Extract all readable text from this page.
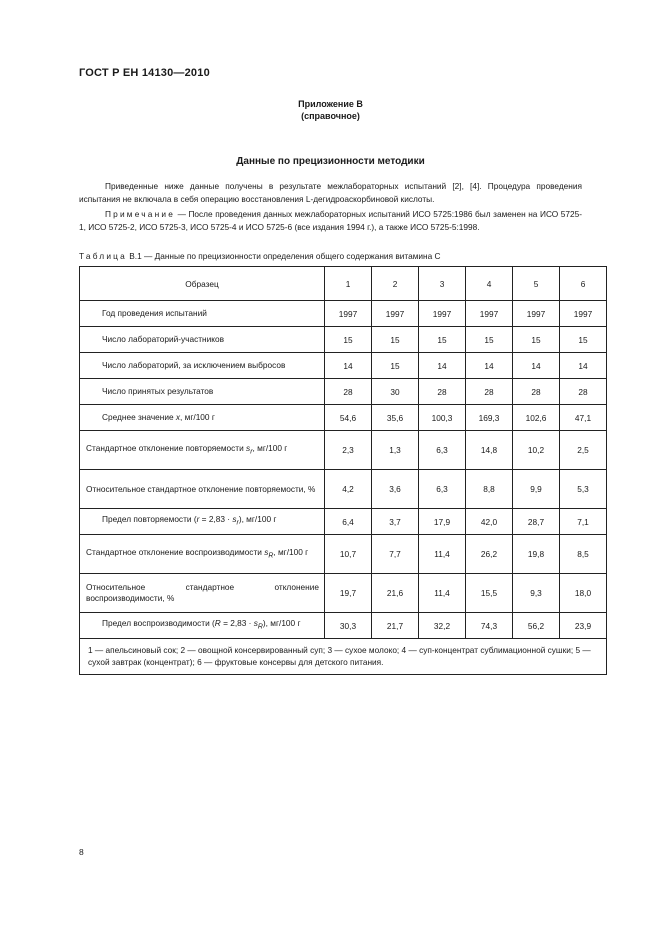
ГОСТ Р ЕН 14130—2010
Приложение В
(справочное)
Данные по прецизионности методики
Приведенные ниже данные получены в результате межлабораторных испытаний [2], [4]. Процедура проведения испытания не включала в себя операцию восстановления L-дегидроаскорбиновой кислоты.
Примечание — После проведения данных межлабораторных испытаний ИСО 5725:1986 был заменен на ИСО 5725-1, ИСО 5725-2, ИСО 5725-3, ИСО 5725-4 и ИСО 5725-6 (все издания 1994 г.), а также ИСО 5725-5:1998.
Таблица В.1 — Данные по прецизионности определения общего содержания витамина С
Образец	1	2	3	4	5	6
Год проведения испытаний	1997	1997	1997	1997	1997	1997
Число лабораторий-участников	15	15	15	15	15	15
Число лабораторий, за исключением выбросов	14	15	14	14	14	14
Число принятых результатов	28	30	28	28	28	28
Среднее значение х, мг/100 г	54,6	35,6	100,3	169,3	102,6	47,1
Стандартное отклонение повторяемости $s_r$, мг/100 г	2,3	1,3	6,3	14,8	10,2	2,5
Относительное стандартное отклонение повторяемости, %	4,2	3,6	6,3	8,8	9,9	5,3
Предел повторяемости $(r = 2,83 \cdot s_r)$, мг/100 г	6,4	3,7	17,9	42,0	28,7	7,1
Стандартное отклонение воспроизводимости $s_R$, мг/100 г	10,7	7,7	11,4	26,2	19,8	8,5
Относительное стандартное отклонение воспроизводимости, %	19,7	21,6	11,4	15,5	9,3	18,0
Предел воспроизводимости $(R = 2,83 \cdot s_R)$, мг/100 г	30,3	21,7	32,2	74,3	56,2	23,9
1 — апельсиновый сок; 2 — овощной консервированный суп; 3 — сухое молоко; 4 — суп-концентрат сублимационной сушки; 5 — сухой завтрак (концентрат); 6 — фруктовые консервы для детского питания.						
8
